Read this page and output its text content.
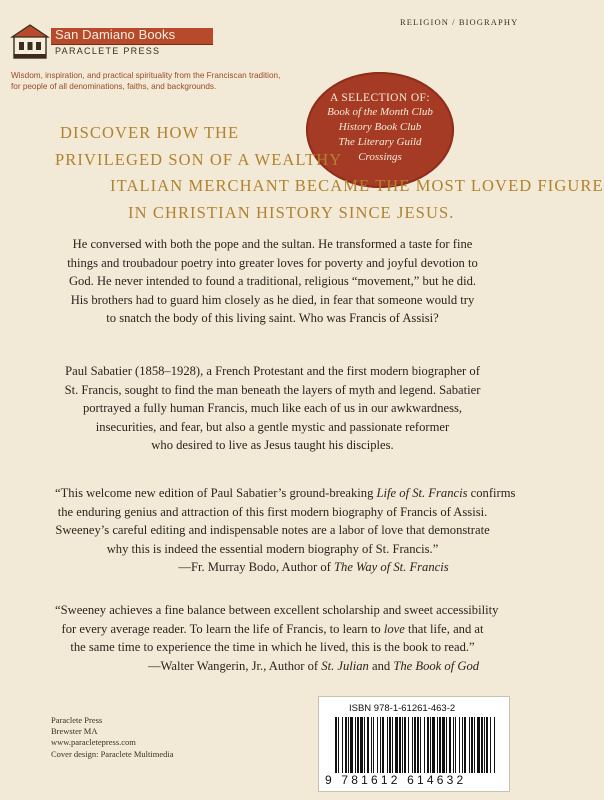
San Damiano Books
PARACLETE PRESS
RELIGION / BIOGRAPHY
Wisdom, inspiration, and practical spirituality from the Franciscan tradition,
for people of all denominations, faiths, and backgrounds.
A SELECTION OF:
Book of the Month Club
History Book Club
The Literary Guild
Crossings
DISCOVER HOW THE
PRIVILEGED SON OF A WEALTHY
ITALIAN MERCHANT BECAME THE MOST LOVED FIGURE
IN CHRISTIAN HISTORY SINCE JESUS.
He conversed with both the pope and the sultan. He transformed a taste for fine
things and troubadour poetry into greater loves for poverty and joyful devotion to
God. He never intended to found a traditional, religious “movement,” but he did.
His brothers had to guard him closely as he died, in fear that someone would try
to snatch the body of this living saint. Who was Francis of Assisi?
Paul Sabatier (1858–1928), a French Protestant and the first modern biographer of
St. Francis, sought to find the man beneath the layers of myth and legend. Sabatier
portrayed a fully human Francis, much like each of us in our awkwardness,
insecurities, and fear, but also a gentle mystic and passionate reformer
who desired to live as Jesus taught his disciples.
“This welcome new edition of Paul Sabatier’s ground-breaking Life of St. Francis confirms
the enduring genius and attraction of this first modern biography of Francis of Assisi.
Sweeney’s careful editing and indispensable notes are a labor of love that demonstrate
why this is indeed the essential modern biography of St. Francis.”
—Fr. Murray Bodo, Author of The Way of St. Francis
“Sweeney achieves a fine balance between excellent scholarship and sweet accessibility
for every average reader. To learn the life of Francis, to learn to love that life, and at
the same time to experience the time in which he lived, this is the book to read.”
—Walter Wangerin, Jr., Author of St. Julian and The Book of God
Paraclete Press
Brewster MA
www.paracletepress.com
Cover design: Paraclete Multimedia
ISBN 978-1-61261-463-2
9 781612 614632
